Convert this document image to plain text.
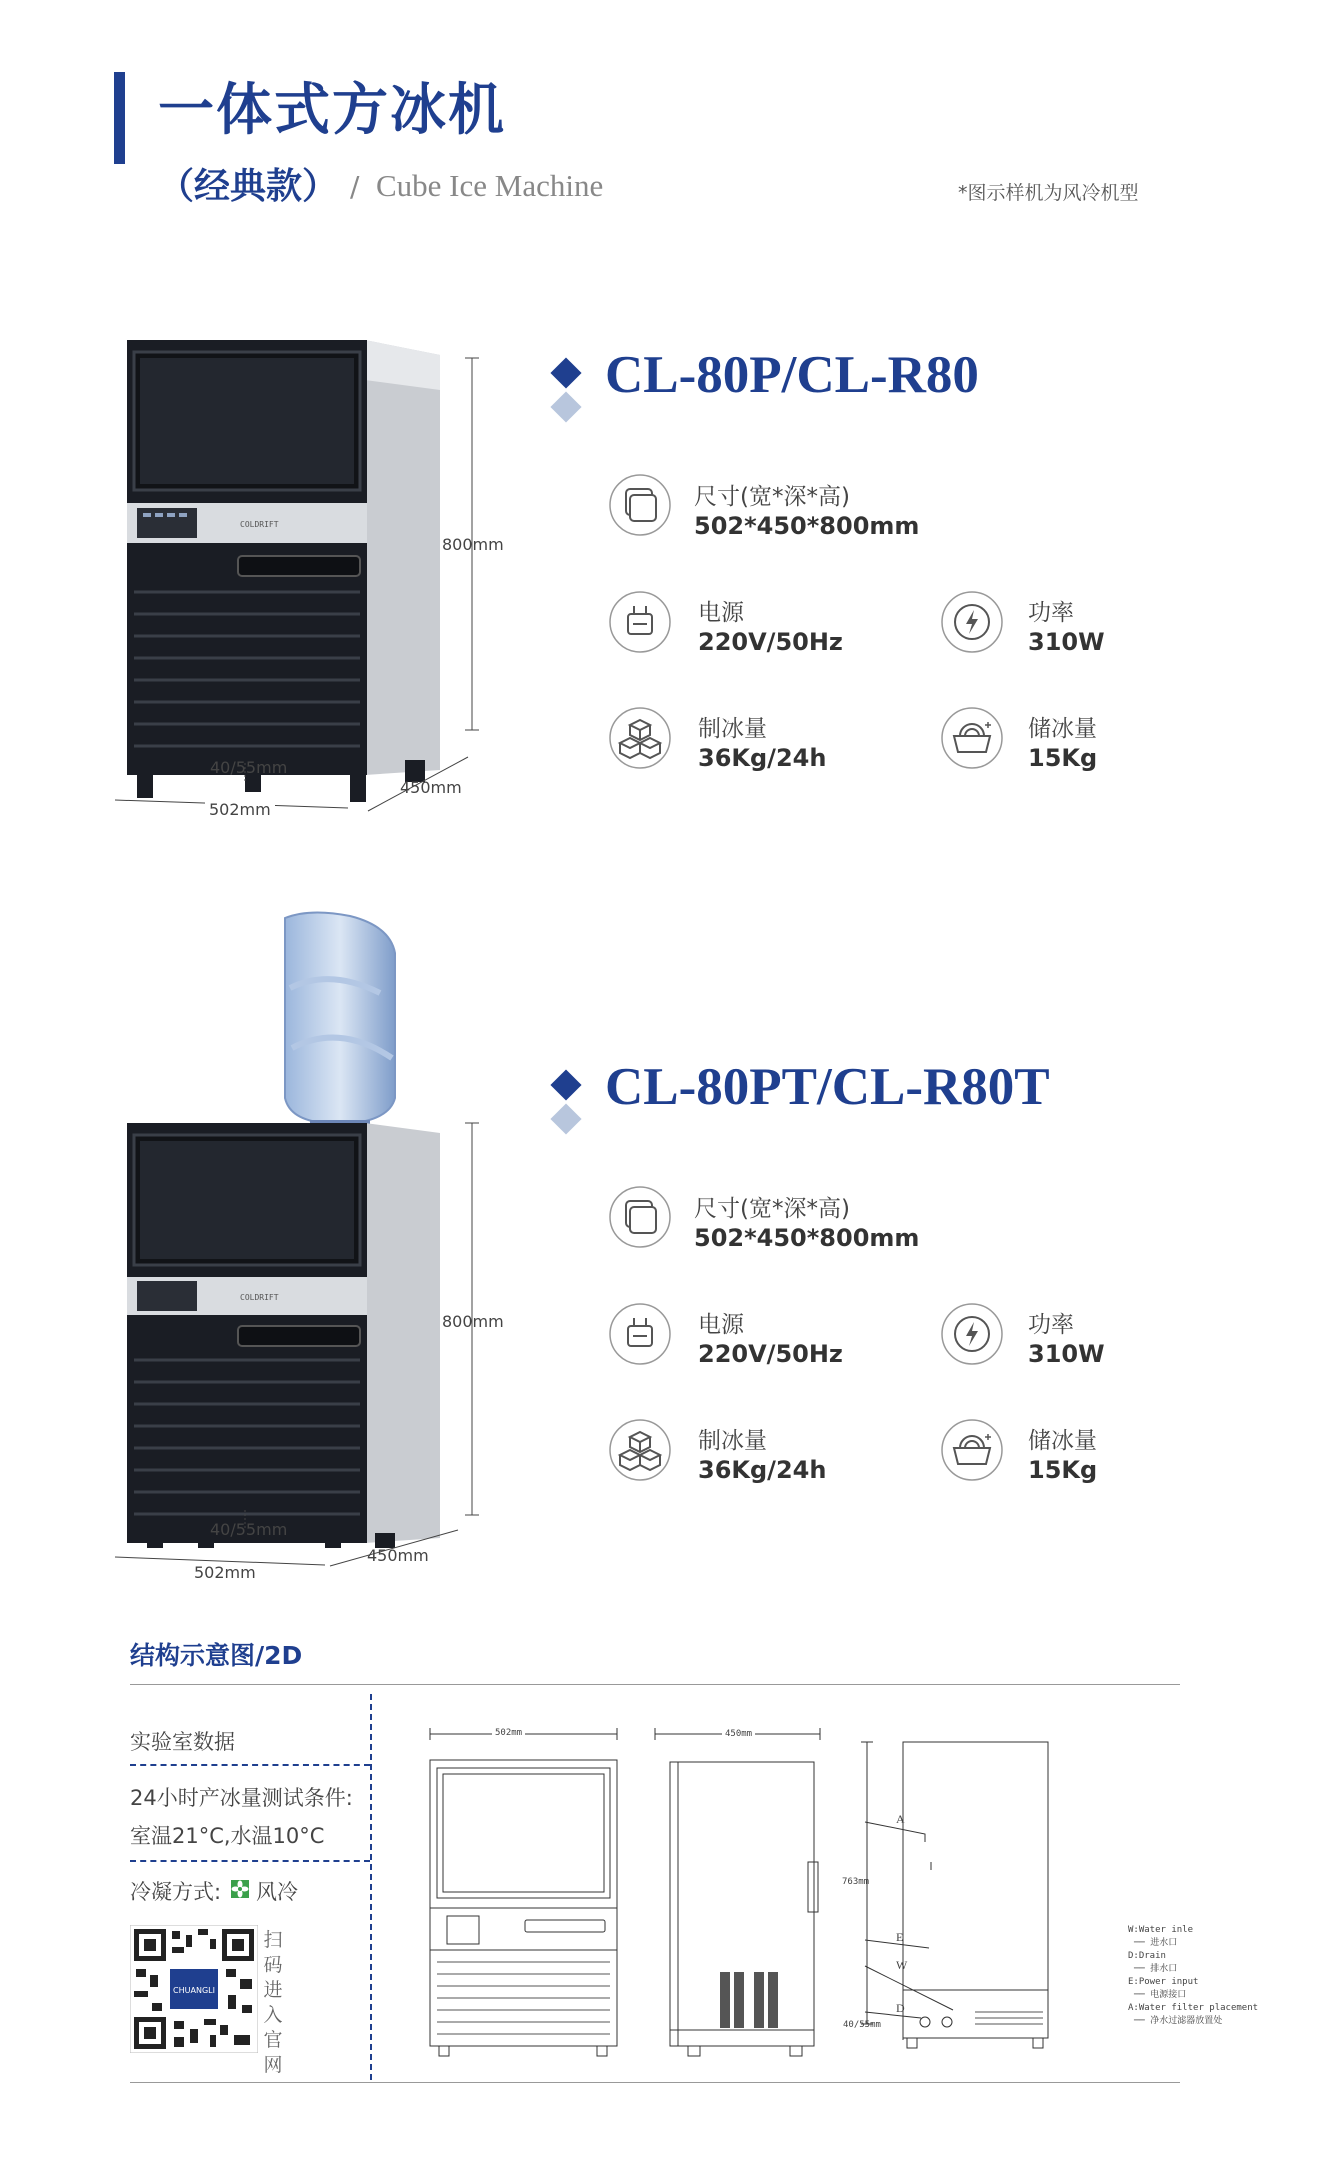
一体式方冰机
（经典款） / Cube Ice Machine	*图示样机为风冷机型
COLDRIFT
800mm
40/55mm
502mm
450mm
CL-80P/CL-R80
尺寸(宽*深*高)
502*450*800mm
电源
220V/50Hz
功率
310W
制冰量
36Kg/24h
储冰量
15Kg
COLDRIFT
800mm
40/55mm
502mm
450mm
CL-80PT/CL-R80T
尺寸(宽*深*高)
502*450*800mm
电源
220V/50Hz
功率
310W
制冰量
36Kg/24h
储冰量
15Kg
结构示意图/2D
实验室数据
24小时产冰量测试条件:
室温21°C,水温10°C
冷凝方式: 风冷
CHUANGLI
扫
码
进
入
官
网
502mm	450mm
763mm
40/55mm
A
E
W
D
W:Water inle
── 进水口
D:Drain
── 排水口
E:Power input
── 电源接口
A:Water filter placement
── 净水过滤器放置处
